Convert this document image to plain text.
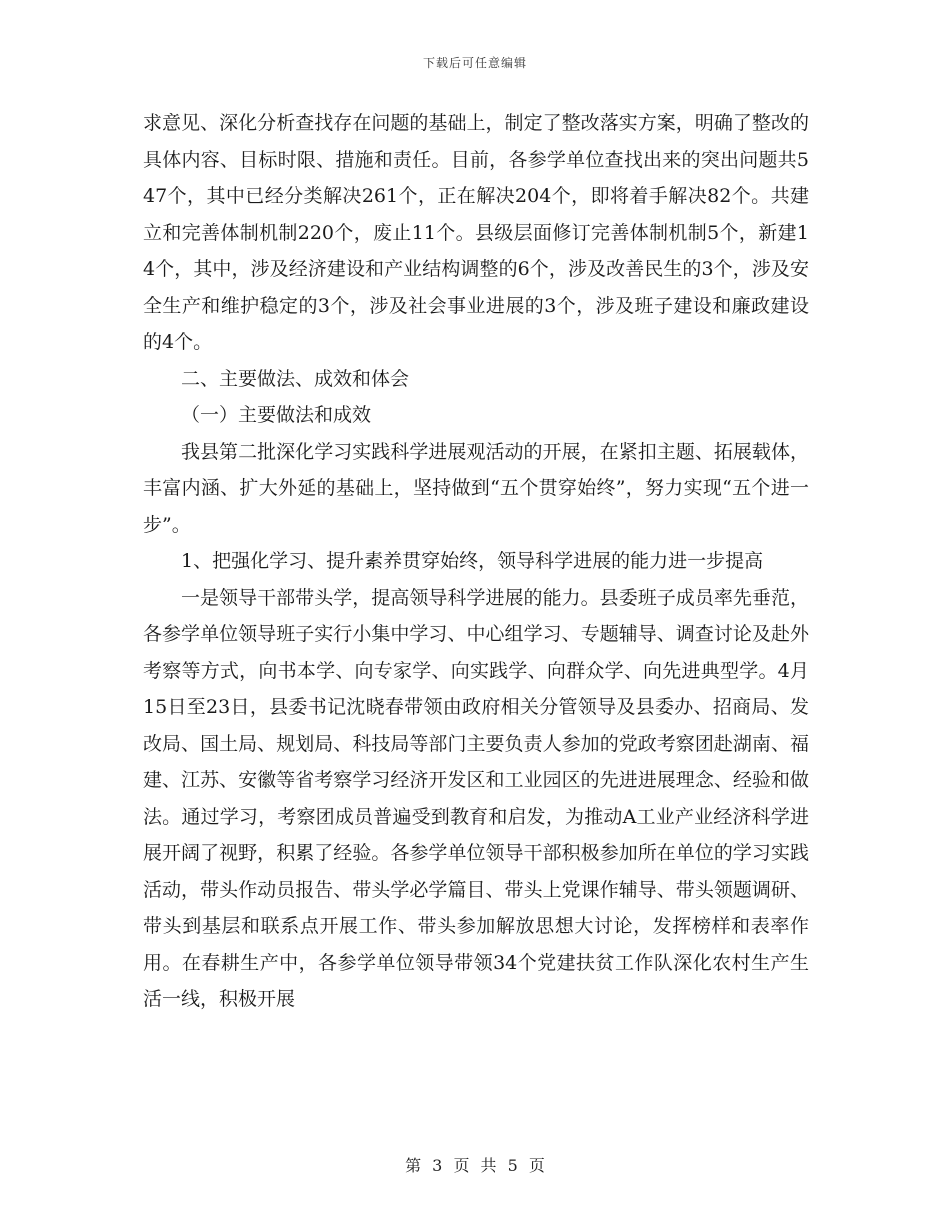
下载后可任意编辑

求意见、深化分析查找存在问题的基础上，制定了整改落实方案，明确了整改的具体内容、目标时限、措施和责任。目前，各参学单位查找出来的突出问题共547个，其中已经分类解决261个，正在解决204个，即将着手解决82个。共建立和完善体制机制220个，废止11个。县级层面修订完善体制机制5个，新建14个，其中，涉及经济建设和产业结构调整的6个，涉及改善民生的3个，涉及安全生产和维护稳定的3个，涉及社会事业进展的3个，涉及班子建设和廉政建设的4个。

二、主要做法、成效和体会

（一）主要做法和成效

我县第二批深化学习实践科学进展观活动的开展，在紧扣主题、拓展载体，丰富内涵、扩大外延的基础上，坚持做到“五个贯穿始终”，努力实现“五个进一步”。

1、把强化学习、提升素养贯穿始终，领导科学进展的能力进一步提高

一是领导干部带头学，提高领导科学进展的能力。县委班子成员率先垂范，各参学单位领导班子实行小集中学习、中心组学习、专题辅导、调查讨论及赴外考察等方式，向书本学、向专家学、向实践学、向群众学、向先进典型学。4月15日至23日，县委书记沈晓春带领由政府相关分管领导及县委办、招商局、发改局、国土局、规划局、科技局等部门主要负责人参加的党政考察团赴湖南、福建、江苏、安徽等省考察学习经济开发区和工业园区的先进进展理念、经验和做法。通过学习，考察团成员普遍受到教育和启发，为推动A工业产业经济科学进展开阔了视野，积累了经验。各参学单位领导干部积极参加所在单位的学习实践活动，带头作动员报告、带头学必学篇目、带头上党课作辅导、带头领题调研、带头到基层和联系点开展工作、带头参加解放思想大讨论，发挥榜样和表率作用。在春耕生产中，各参学单位领导带领34个党建扶贫工作队深化农村生产生活一线，积极开展

第 3 页 共 5 页
